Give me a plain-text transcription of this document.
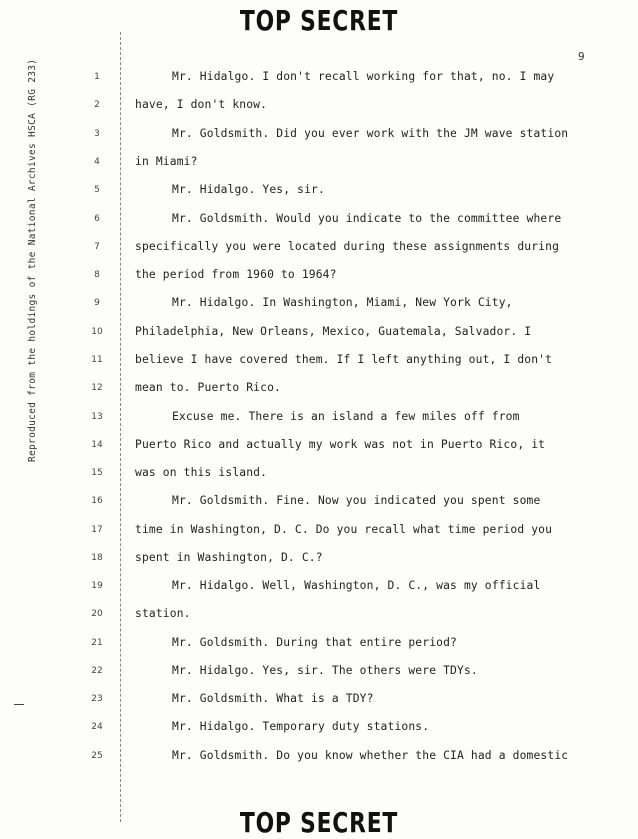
TOP SECRET
Reproduced from the holdings of the National Archives HSCA (RG 233)
9
1	Mr. Hidalgo. I don't recall working for that, no. I may
2	have, I don't know.
3	Mr. Goldsmith. Did you ever work with the JM wave station
4	in Miami?
5	Mr. Hidalgo. Yes, sir.
6	Mr. Goldsmith. Would you indicate to the committee where
7	specifically you were located during these assignments during
8	the period from 1960 to 1964?
9	Mr. Hidalgo. In Washington, Miami, New York City,
10	Philadelphia, New Orleans, Mexico, Guatemala, Salvador. I
11	believe I have covered them. If I left anything out, I don't
12	mean to. Puerto Rico.
13	Excuse me. There is an island a few miles off from
14	Puerto Rico and actually my work was not in Puerto Rico, it
15	was on this island.
16	Mr. Goldsmith. Fine. Now you indicated you spent some
17	time in Washington, D. C. Do you recall what time period you
18	spent in Washington, D. C.?
19	Mr. Hidalgo. Well, Washington, D. C., was my official
20	station.
21	Mr. Goldsmith. During that entire period?
22	Mr. Hidalgo. Yes, sir. The others were TDYs.
23	Mr. Goldsmith. What is a TDY?
24	Mr. Hidalgo. Temporary duty stations.
25	Mr. Goldsmith. Do you know whether the CIA had a domestic
TOP SECRET
